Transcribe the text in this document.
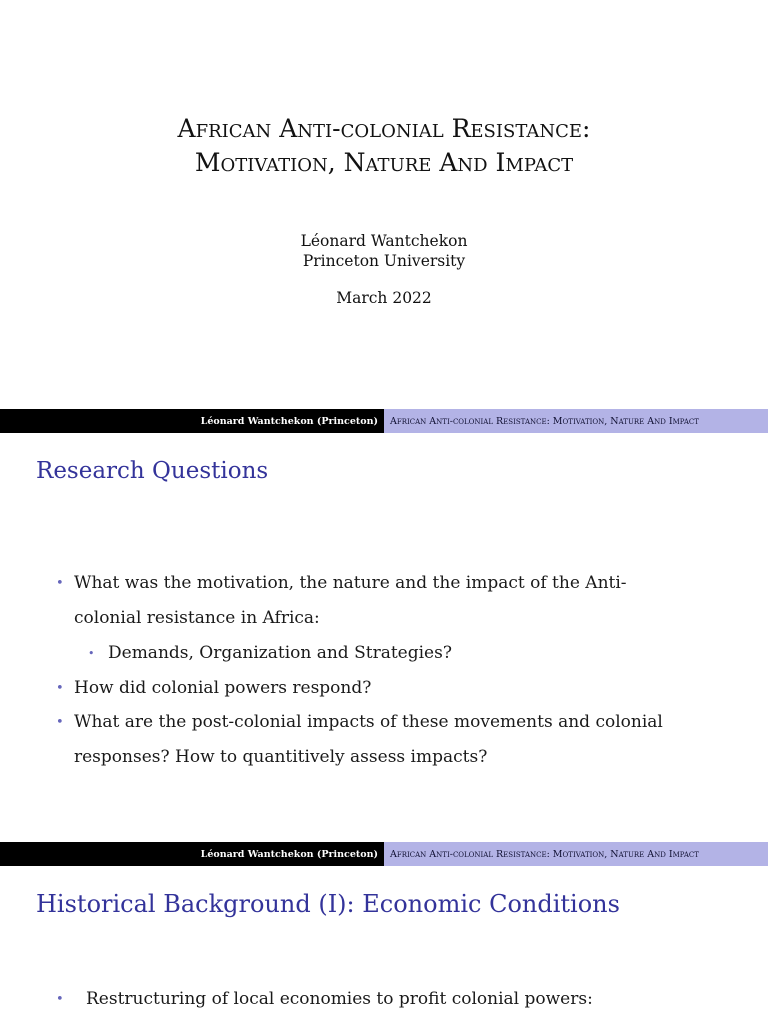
African Anti-colonial Resistance:
Motivation, Nature And Impact
Léonard Wantchekon
Princeton University
March 2022
Léonard Wantchekon (Princeton)	African Anti-colonial Resistance: Motivation, Nature And Impact
Research Questions
• What was the motivation, the nature and the impact of the Anti-
colonial resistance in Africa:
• Demands, Organization and Strategies?
• How did colonial powers respond?
• What are the post-colonial impacts of these movements and colonial
responses? How to quantitively assess impacts?
Léonard Wantchekon (Princeton)	African Anti-colonial Resistance: Motivation, Nature And Impact
Historical Background (I): Economic Conditions
• Restructuring of local economies to profit colonial powers:
